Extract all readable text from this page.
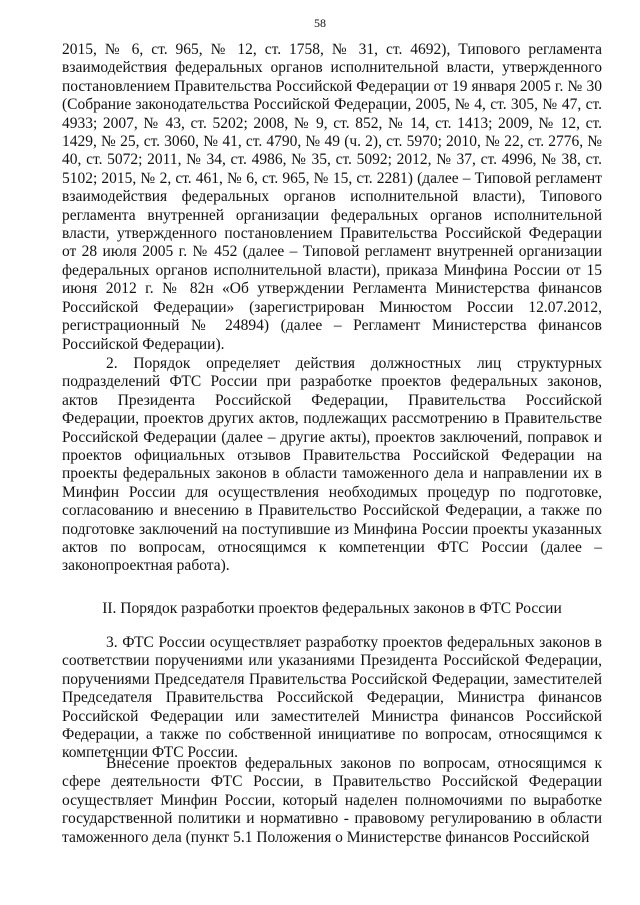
58
2015, № 6, ст. 965, № 12, ст. 1758, № 31, ст. 4692), Типового регламента взаимодействия федеральных органов исполнительной власти, утвержденного постановлением Правительства Российской Федерации от 19 января 2005 г. № 30 (Собрание законодательства Российской Федерации, 2005, № 4, ст. 305, № 47, ст. 4933; 2007, № 43, ст. 5202; 2008, № 9, ст. 852, № 14, ст. 1413; 2009, № 12, ст. 1429, № 25, ст. 3060, № 41, ст. 4790, № 49 (ч. 2), ст. 5970; 2010, № 22, ст. 2776, № 40, ст. 5072; 2011, № 34, ст. 4986, № 35, ст. 5092; 2012, № 37, ст. 4996, № 38, ст. 5102; 2015, № 2, ст. 461, № 6, ст. 965, № 15, ст. 2281) (далее – Типовой регламент взаимодействия федеральных органов исполнительной власти), Типового регламента внутренней организации федеральных органов исполнительной власти, утвержденного постановлением Правительства Российской Федерации от 28 июля 2005 г. № 452 (далее – Типовой регламент внутренней организации федеральных органов исполнительной власти), приказа Минфина России от 15 июня 2012 г. № 82н «Об утверждении Регламента Министерства финансов Российской Федерации» (зарегистрирован Минюстом России 12.07.2012, регистрационный № 24894) (далее – Регламент Министерства финансов Российской Федерации).
2. Порядок определяет действия должностных лиц структурных подразделений ФТС России при разработке проектов федеральных законов, актов Президента Российской Федерации, Правительства Российской Федерации, проектов других актов, подлежащих рассмотрению в Правительстве Российской Федерации (далее – другие акты), проектов заключений, поправок и проектов официальных отзывов Правительства Российской Федерации на проекты федеральных законов в области таможенного дела и направлении их в Минфин России для осуществления необходимых процедур по подготовке, согласованию и внесению в Правительство Российской Федерации, а также по подготовке заключений на поступившие из Минфина России проекты указанных актов по вопросам, относящимся к компетенции ФТС России (далее – законопроектная работа).
II. Порядок разработки проектов федеральных законов в ФТС России
3. ФТС России осуществляет разработку проектов федеральных законов в соответствии поручениями или указаниями Президента Российской Федерации, поручениями Председателя Правительства Российской Федерации, заместителей Председателя Правительства Российской Федерации, Министра финансов Российской Федерации или заместителей Министра финансов Российской Федерации, а также по собственной инициативе по вопросам, относящимся к компетенции ФТС России.
Внесение проектов федеральных законов по вопросам, относящимся к сфере деятельности ФТС России, в Правительство Российской Федерации осуществляет Минфин России, который наделен полномочиями по выработке государственной политики и нормативно - правовому регулированию в области таможенного дела (пункт 5.1 Положения о Министерстве финансов Российской
